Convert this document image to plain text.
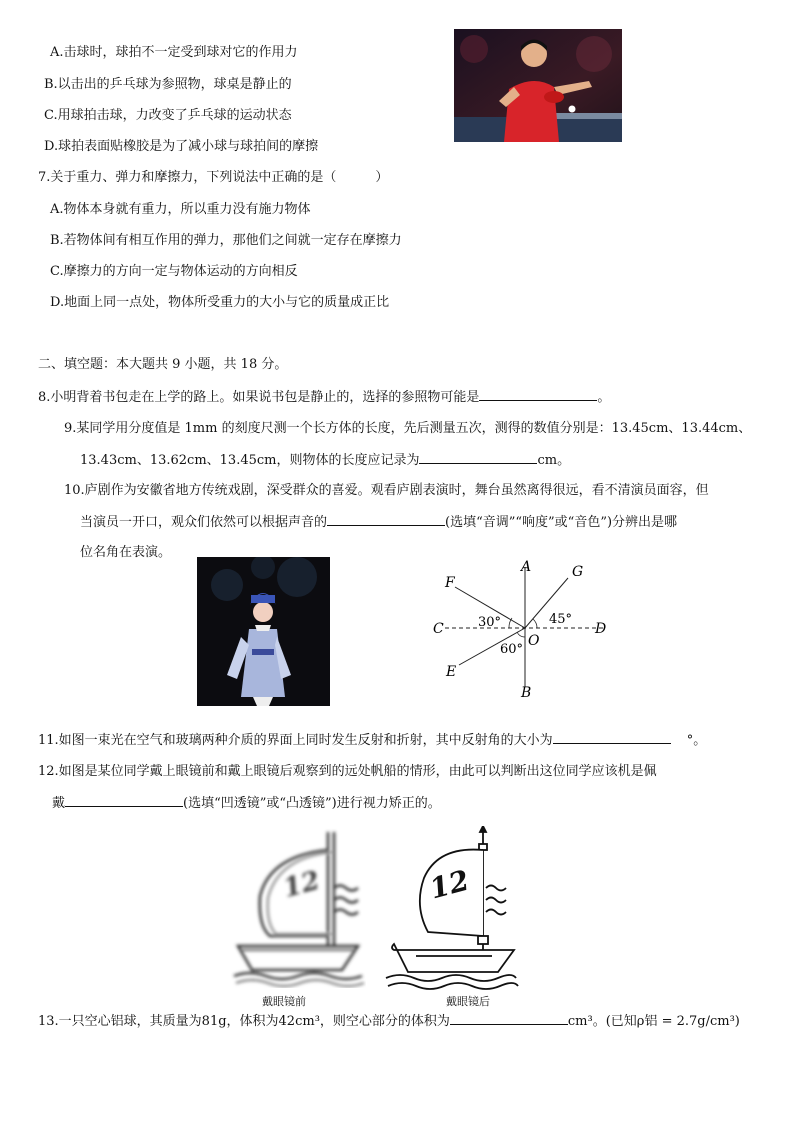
A.击球时，球拍不一定受到球对它的作用力
B.以击出的乒乓球为参照物，球桌是静止的
C.用球拍击球，力改变了乒乓球的运动状态
D.球拍表面贴橡胶是为了减小球与球拍间的摩擦
7.关于重力、弹力和摩擦力，下列说法中正确的是（　　　）
A.物体本身就有重力，所以重力没有施力物体
B.若物体间有相互作用的弹力，那他们之间就一定存在摩擦力
C.摩擦力的方向一定与物体运动的方向相反
D.地面上同一点处，物体所受重力的大小与它的质量成正比
二、填空题：本大题共 9 小题，共 18 分。
8.小明背着书包走在上学的路上。如果说书包是静止的，选择的参照物可能是	。
9.某同学用分度值是 1mm 的刻度尺测一个长方体的长度，先后测量五次，测得的数值分别是：13.45cm、13.44cm、
13.43cm、13.62cm、13.45cm，则物体的长度应记录为	cm。
10.庐剧作为安徽省地方传统戏剧，深受群众的喜爱。观看庐剧表演时，舞台虽然离得很远，看不清演员面容，但
当演员一开口，观众们依然可以根据声音的	(选填“音调”“响度”或“音色”)分辨出是哪
位名角在表演。
A
B
C	D
E
F
G
O
30°	45°
60°
11.如图一束光在空气和玻璃两种介质的界面上同时发生反射和折射，其中反射角的大小为	°。
12.如图是某位同学戴上眼镜前和戴上眼镜后观察到的远处帆船的情形，由此可以判断出这位同学应该机是佩
戴	(选填“凹透镜”或“凸透镜”)进行视力矫正的。
12
戴眼镜前
12
戴眼镜后
13.一只空心铝球，其质量为81g，体积为42cm³，则空心部分的体积为	cm³。(已知ρ铝 = 2.7g/cm³)
